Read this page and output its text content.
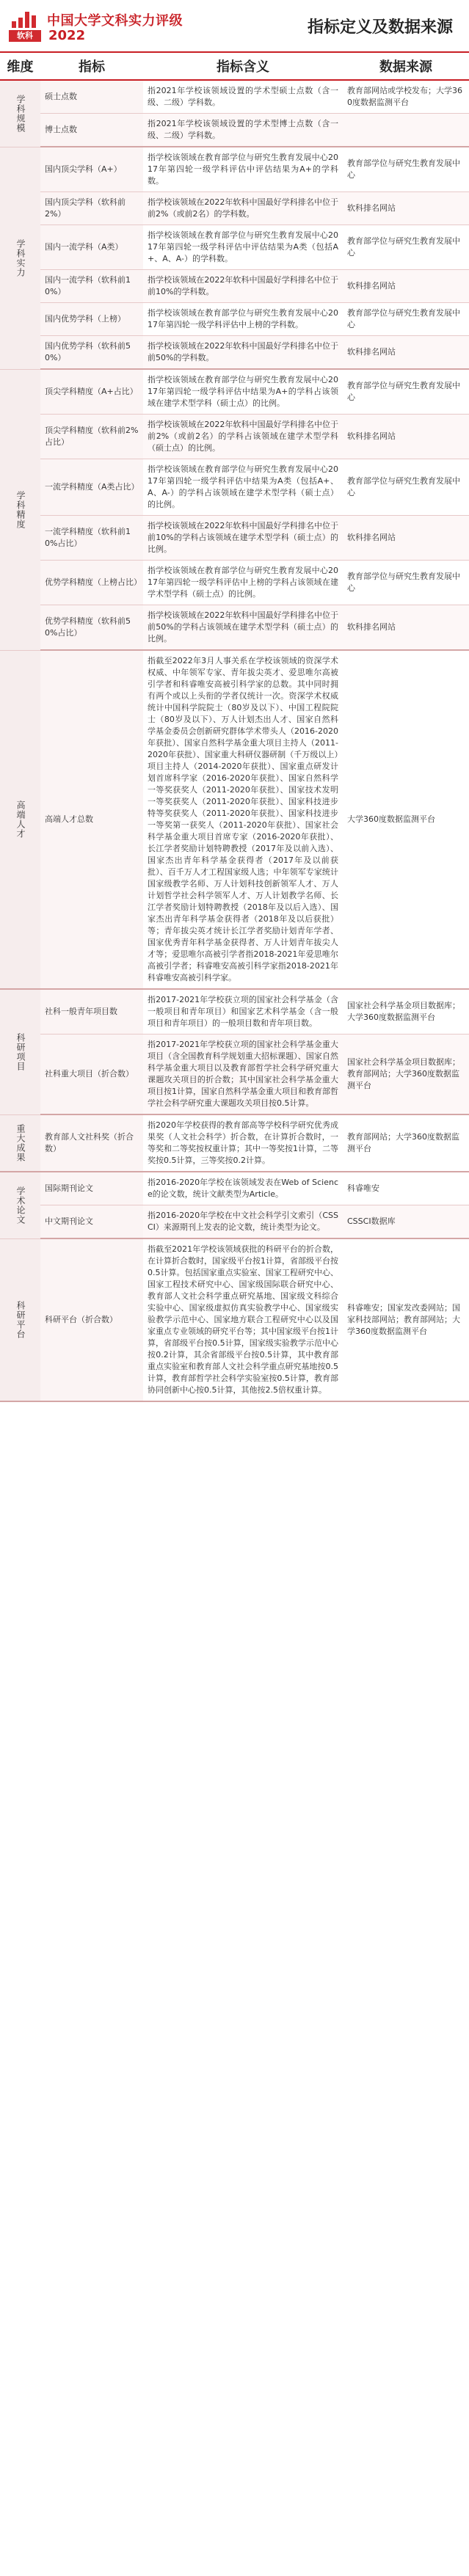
软科
中国大学文科实力评级
2022	指标定义及数据来源
维度	指标	指标含义	数据来源
学科规模	硕士点数	指2021年学校该领域设置的学术型硕士点数（含一级、二级）学科数。	教育部网站或学校发布；大学360度数据监测平台
	博士点数	指2021年学校该领域设置的学术型博士点数（含一级、二级）学科数。	
学科实力	国内顶尖学科（A+）	指学校该领域在教育部学位与研究生教育发展中心2017年第四轮一级学科评估中评估结果为A+的学科数。	教育部学位与研究生教育发展中心
	国内顶尖学科（软科前2%）	指学校该领域在2022年软科中国最好学科排名中位于前2%（或前2名）的学科数。	软科排名网站
	国内一流学科（A类）	指学校该领域在教育部学位与研究生教育发展中心2017年第四轮一级学科评估中评估结果为A类（包括A+、A、A-）的学科数。	教育部学位与研究生教育发展中心
	国内一流学科（软科前10%）	指学校该领域在2022年软科中国最好学科排名中位于前10%的学科数。	软科排名网站
	国内优势学科（上榜）	指学校该领域在教育部学位与研究生教育发展中心2017年第四轮一级学科评估中上榜的学科数。	教育部学位与研究生教育发展中心
	国内优势学科（软科前50%）	指学校该领域在2022年软科中国最好学科排名中位于前50%的学科数。	软科排名网站
学科精度	顶尖学科精度（A+占比）	指学校该领域在教育部学位与研究生教育发展中心2017年第四轮一级学科评估中结果为A+的学科占该领域在建学术型学科（硕士点）的比例。	教育部学位与研究生教育发展中心
	顶尖学科精度（软科前2%占比）	指学校该领域在2022年软科中国最好学科排名中位于前2%（或前2名）的学科占该领域在建学术型学科（硕士点）的比例。	软科排名网站
	一流学科精度（A类占比）	指学校该领域在教育部学位与研究生教育发展中心2017年第四轮一级学科评估中结果为A类（包括A+、A、A-）的学科占该领域在建学术型学科（硕士点）的比例。	教育部学位与研究生教育发展中心
	一流学科精度（软科前10%占比）	指学校该领域在2022年软科中国最好学科排名中位于前10%的学科占该领域在建学术型学科（硕士点）的比例。	软科排名网站
	优势学科精度（上榜占比）	指学校该领域在教育部学位与研究生教育发展中心2017年第四轮一级学科评估中上榜的学科占该领域在建学术型学科（硕士点）的比例。	教育部学位与研究生教育发展中心
	优势学科精度（软科前50%占比）	指学校该领域在2022年软科中国最好学科排名中位于前50%的学科占该领域在建学术型学科（硕士点）的比例。	软科排名网站
高端人才	高端人才总数	指截至2022年3月人事关系在学校该领域的资深学术权威、中年领军专家、青年拔尖英才、爱思唯尔高被引学者和科睿唯安高被引科学家的总数。其中同时拥有两个或以上头衔的学者仅统计一次。资深学术权威统计中国科学院院士（80岁及以下）、中国工程院院士（80岁及以下）、万人计划杰出人才、国家自然科学基金委员会创新研究群体学术带头人（2016-2020年获批）、国家自然科学基金重大项目主持人（2011-2020年获批）、国家重大科研仪器研制（千万级以上）项目主持人（2014-2020年获批）、国家重点研发计划首席科学家（2016-2020年获批）、国家自然科学一等奖获奖人（2011-2020年获批）、国家技术发明一等奖获奖人（2011-2020年获批）、国家科技进步特等奖获奖人（2011-2020年获批）、国家科技进步一等奖第一获奖人（2011-2020年获批）、国家社会科学基金重大项目首席专家（2016-2020年获批）、长江学者奖励计划特聘教授（2017年及以前入选）、国家杰出青年科学基金获得者（2017年及以前获批）、百千万人才工程国家级人选；中年领军专家统计国家级教学名师、万人计划科技创新领军人才、万人计划哲学社会科学领军人才、万人计划教学名师、长江学者奖励计划特聘教授（2018年及以后入选）、国家杰出青年科学基金获得者（2018年及以后获批）等；青年拔尖英才统计长江学者奖励计划青年学者、国家优秀青年科学基金获得者、万人计划青年拔尖人才等；爱思唯尔高被引学者指2018-2021年爱思唯尔高被引学者；科睿唯安高被引科学家指2018-2021年科睿唯安高被引科学家。	大学360度数据监测平台
科研项目	社科一般青年项目数	指2017-2021年学校获立项的国家社会科学基金（含一般项目和青年项目）和国家艺术科学基金（含一般项目和青年项目）的一般项目数和青年项目数。	国家社会科学基金项目数据库；大学360度数据监测平台
	社科重大项目（折合数）	指2017-2021年学校获立项的国家社会科学基金重大项目（含全国教育科学规划重大招标课题）、国家自然科学基金重大项目以及教育部哲学社会科学研究重大课题攻关项目的折合数；其中国家社会科学基金重大项目按1计算，国家自然科学基金重大项目和教育部哲学社会科学研究重大课题攻关项目按0.5计算。	国家社会科学基金项目数据库；教育部网站；大学360度数据监测平台
重大成果	教育部人文社科奖（折合数）	指2020年学校获得的教育部高等学校科学研究优秀成果奖（人文社会科学）折合数，在计算折合数时，一等奖和二等奖按权重计算；其中一等奖按1计算，二等奖按0.5计算，三等奖按0.2计算。	教育部网站；大学360度数据监测平台
学术论文	国际期刊论文	指2016-2020年学校在该领域发表在Web of Science的论文数，统计文献类型为Article。	科睿唯安
	中文期刊论文	指2016-2020年学校在中文社会科学引文索引（CSSCI）来源期刊上发表的论文数，统计类型为论文。	CSSCI数据库
科研平台	科研平台（折合数）	指截至2021年学校该领域获批的科研平台的折合数，在计算折合数时，国家级平台按1计算，省部级平台按0.5计算。包括国家重点实验室、国家工程研究中心、国家工程技术研究中心、国家级国际联合研究中心、教育部人文社会科学重点研究基地、国家级文科综合实验中心、国家级虚拟仿真实验教学中心、国家级实验教学示范中心、国家地方联合工程研究中心以及国家重点专业领域的研究平台等；其中国家级平台按1计算，省部级平台按0.5计算，国家级实验教学示范中心按0.2计算，其余省部级平台按0.5计算，其中教育部重点实验室和教育部人文社会科学重点研究基地按0.5计算，教育部哲学社会科学实验室按0.5计算，教育部协同创新中心按0.5计算，其他按2.5倍权重计算。	科睿唯安；国家发改委网站；国家科技部网站；教育部网站；大学360度数据监测平台
